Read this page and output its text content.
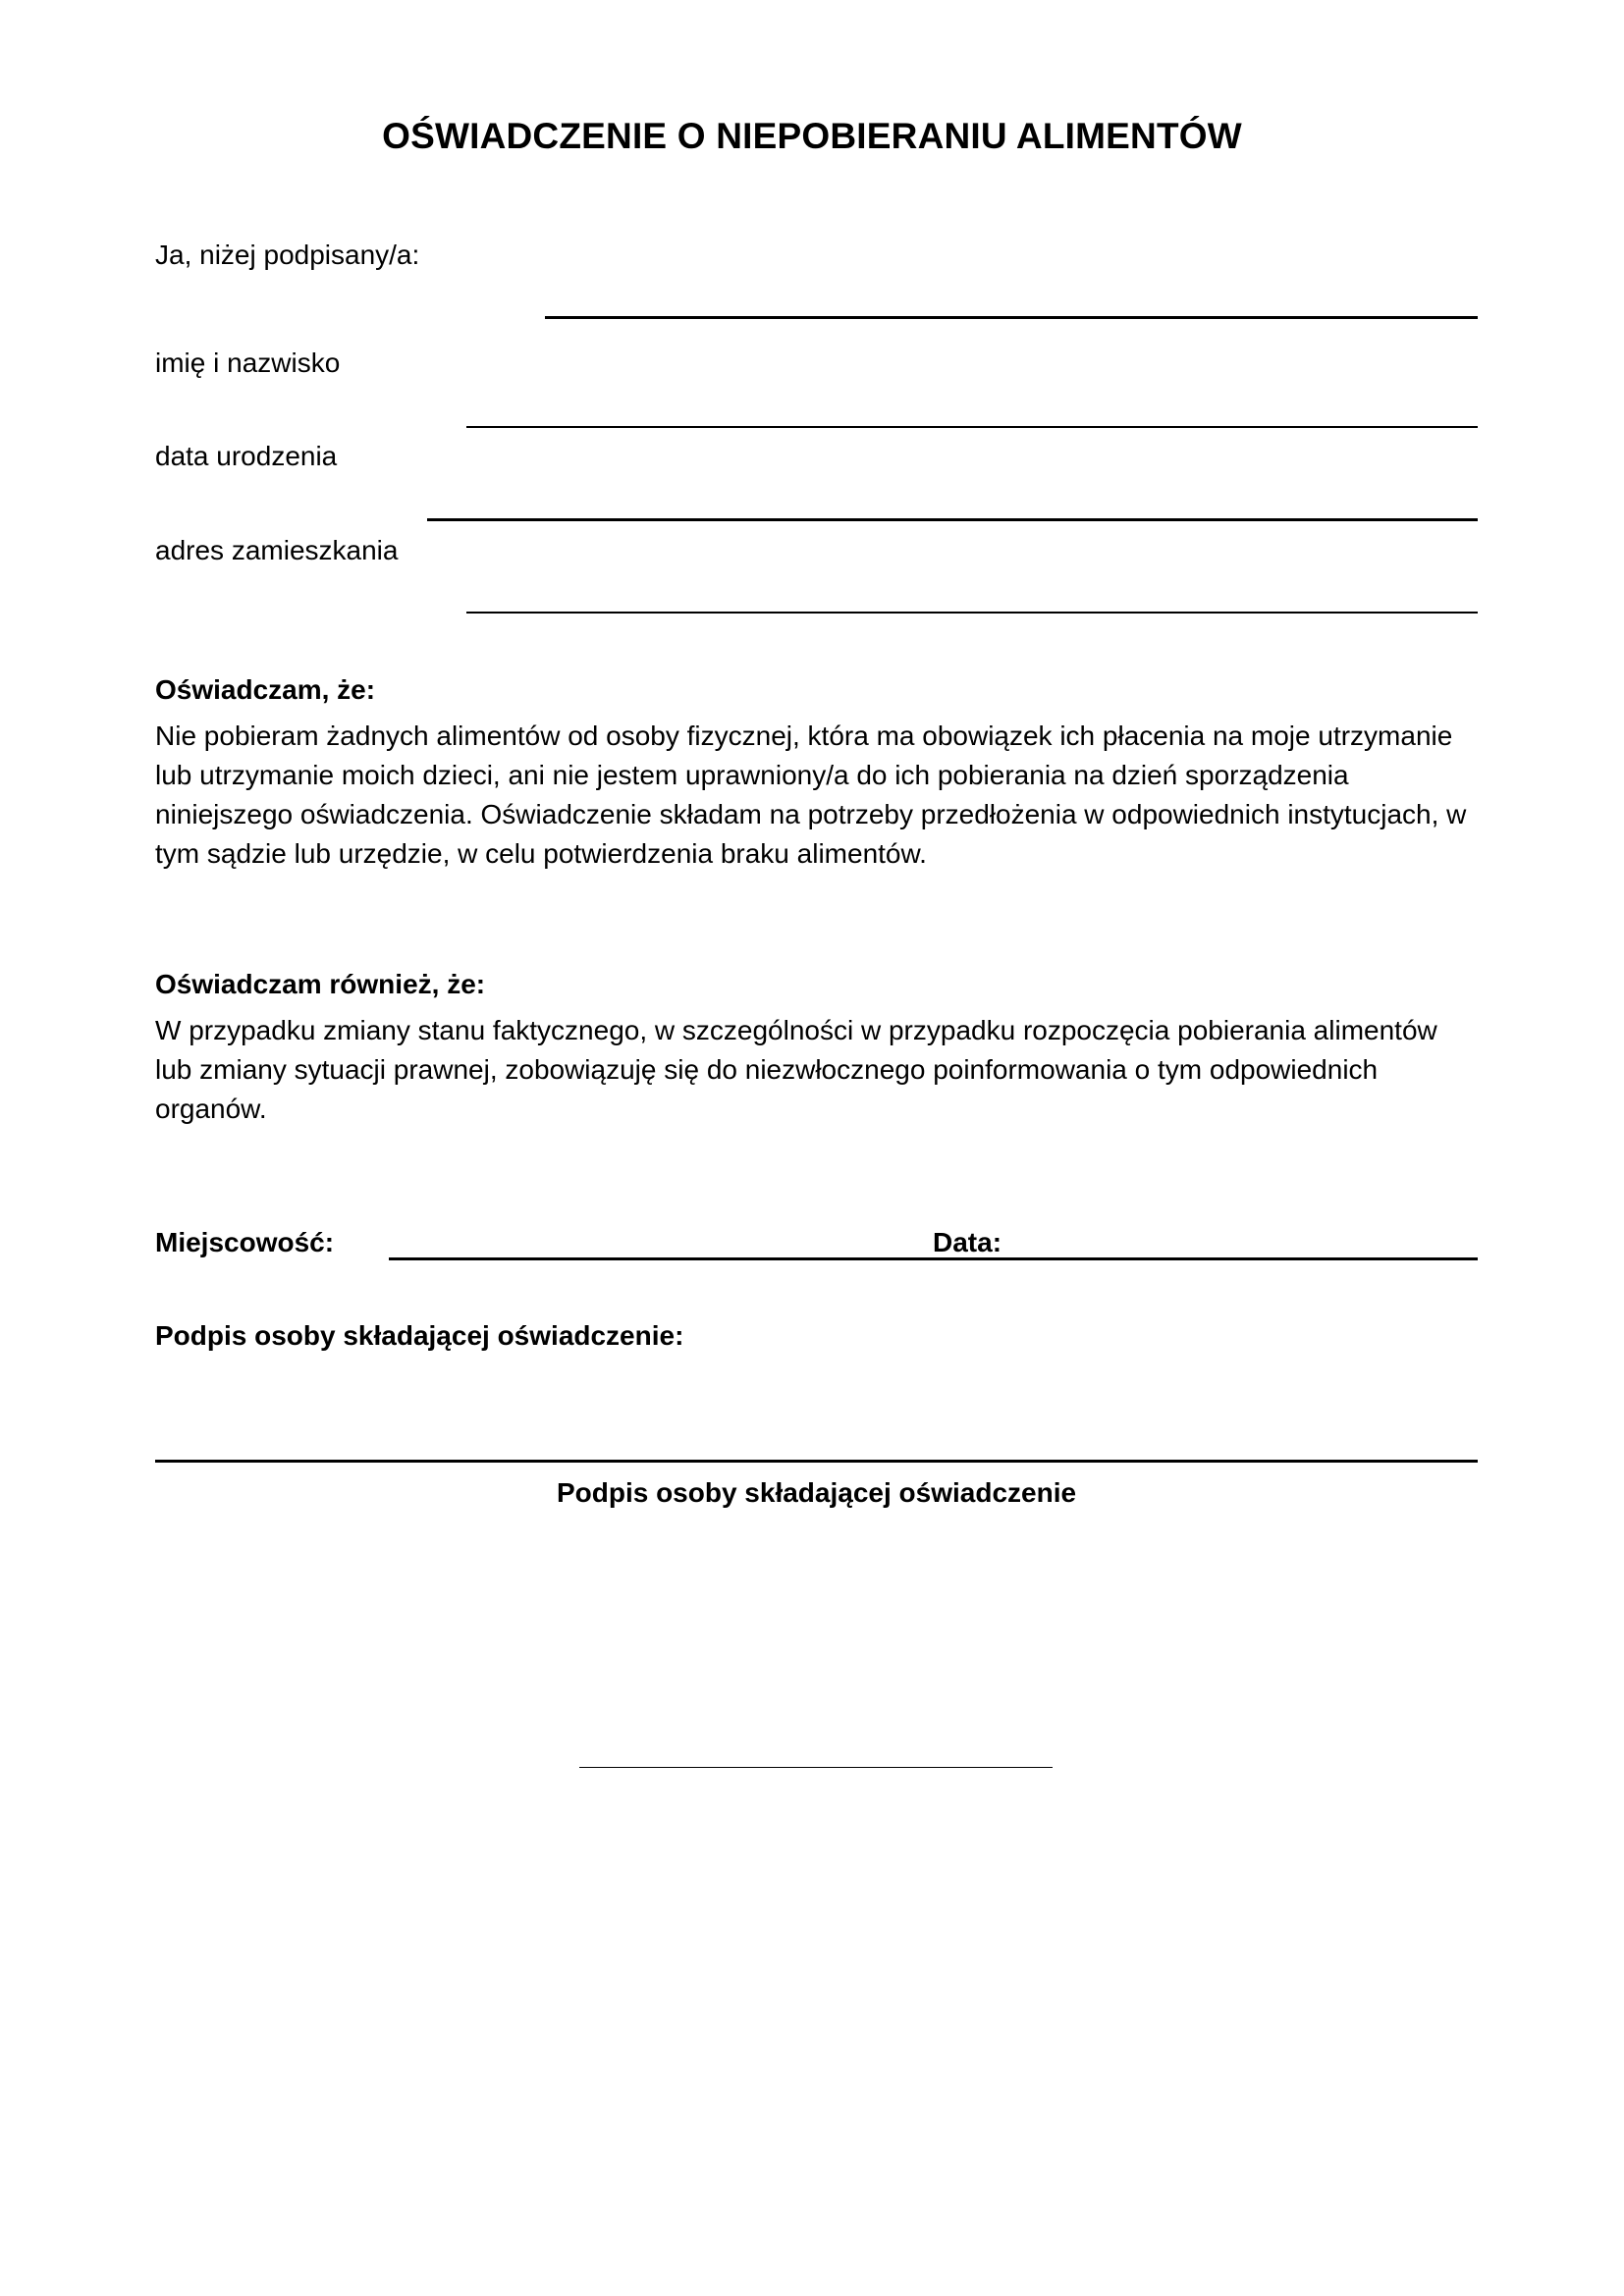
OŚWIADCZENIE O NIEPOBIERANIU ALIMENTÓW
Ja, niżej podpisany/a:
imię i nazwisko
data urodzenia
adres zamieszkania
Oświadczam, że:
Nie pobieram żadnych alimentów od osoby fizycznej, która ma obowiązek ich płacenia na moje utrzymanie
lub utrzymanie moich dzieci, ani nie jestem uprawniony/a do ich pobierania na dzień sporządzenia
niniejszego oświadczenia. Oświadczenie składam na potrzeby przedłożenia w odpowiednich instytucjach, w
tym sądzie lub urzędzie, w celu potwierdzenia braku alimentów.
Oświadczam również, że:
W przypadku zmiany stanu faktycznego, w szczególności w przypadku rozpoczęcia pobierania alimentów
lub zmiany sytuacji prawnej, zobowiązuję się do niezwłocznego poinformowania o tym odpowiednich
organów.
Miejscowość:	Data:
Podpis osoby składającej oświadczenie:
Podpis osoby składającej oświadczenie
